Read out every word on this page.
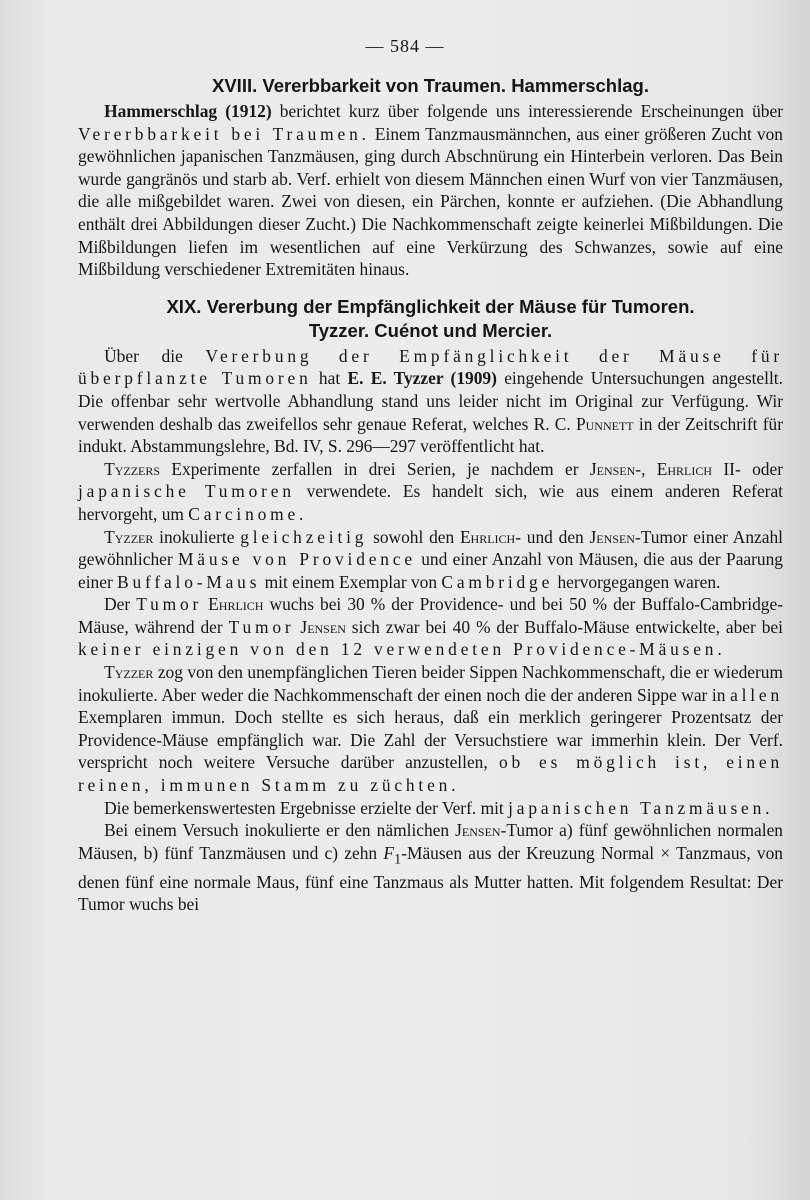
— 584 —
XVIII. Vererbbarkeit von Traumen. Hammerschlag.

Hammerschlag (1912) berichtet kurz über folgende uns interessierende Erscheinungen über Vererbbarkeit bei Traumen. Einem Tanzmausmännchen, aus einer größeren Zucht von gewöhnlichen japanischen Tanzmäusen, ging durch Abschnürung ein Hinterbein verloren. Das Bein wurde gangränös und starb ab. Verf. erhielt von diesem Männchen einen Wurf von vier Tanzmäusen, die alle mißgebildet waren. Zwei von diesen, ein Pärchen, konnte er aufziehen. (Die Abhandlung enthält drei Abbildungen dieser Zucht.) Die Nachkommenschaft zeigte keinerlei Mißbildungen. Die Mißbildungen liefen im wesentlichen auf eine Verkürzung des Schwanzes, sowie auf eine Mißbildung verschiedener Extremitäten hinaus.

XIX. Vererbung der Empfänglichkeit der Mäuse für Tumoren.
Tyzzer. Cuénot und Mercier.

Über die Vererbung der Empfänglichkeit der Mäuse für überpflanzte Tumoren hat E. E. Tyzzer (1909) eingehende Untersuchungen angestellt. Die offenbar sehr wertvolle Abhandlung stand uns leider nicht im Original zur Verfügung. Wir verwenden deshalb das zweifellos sehr genaue Referat, welches R. C. Punnett in der Zeitschrift für indukt. Abstammungslehre, Bd. IV, S. 296—297 veröffentlicht hat.

Tyzzers Experimente zerfallen in drei Serien, je nachdem er Jensen-, Ehrlich II- oder japanische Tumoren verwendete. Es handelt sich, wie aus einem anderen Referat hervorgeht, um Carcinome.

Tyzzer inokulierte gleichzeitig sowohl den Ehrlich- und den Jensen-Tumor einer Anzahl gewöhnlicher Mäuse von Providence und einer Anzahl von Mäusen, die aus der Paarung einer Buffalo-Maus mit einem Exemplar von Cambridge hervorgegangen waren.

Der Tumor Ehrlich wuchs bei 30 % der Providence- und bei 50 % der Buffalo-Cambridge-Mäuse, während der Tumor Jensen sich zwar bei 40 % der Buffalo-Mäuse entwickelte, aber bei keiner einzigen von den 12 verwendeten Providence-Mäusen.

Tyzzer zog von den unempfänglichen Tieren beider Sippen Nachkommenschaft, die er wiederum inokulierte. Aber weder die Nachkommenschaft der einen noch die der anderen Sippe war in allen Exemplaren immun. Doch stellte es sich heraus, daß ein merklich geringerer Prozentsatz der Providence-Mäuse empfänglich war. Die Zahl der Versuchstiere war immerhin klein. Der Verf. verspricht noch weitere Versuche darüber anzustellen, ob es möglich ist, einen reinen, immunen Stamm zu züchten.

Die bemerkenswertesten Ergebnisse erzielte der Verf. mit japanischen Tanzmäusen.

Bei einem Versuch inokulierte er den nämlichen Jensen-Tumor a) fünf gewöhnlichen normalen Mäusen, b) fünf Tanzmäusen und c) zehn $F_1$-Mäusen aus der Kreuzung Normal × Tanzmaus, von denen fünf eine normale Maus, fünf eine Tanzmaus als Mutter hatten. Mit folgendem Resultat: Der Tumor wuchs bei
